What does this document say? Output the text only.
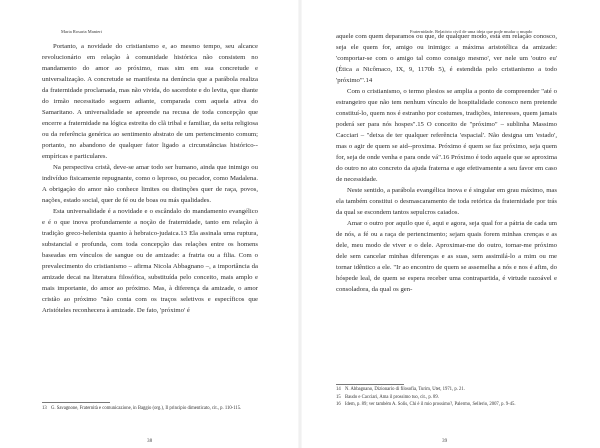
Maria Rosaria Manieri

Portanto, a novidade do cristianismo e, ao mesmo tempo, seu alcance revolucionário em relação à comunidade histórica não consistem no mandamento do amor ao próximo, mas sim em sua concretude e universalização. A concretude se manifesta na denúncia que a parábola realiza da fraternidade proclamada, mas não vivida, do sacerdote e do levita, que diante do irmão necessitado seguem adiante, comparada com aquela ativa do Samaritano. A universalidade se apreende na recusa de toda concepção que encerre a fraternidade na lógica estreita do clã tribal e familiar, da seita religiosa ou da referência genérica ao sentimento abstrato de um pertencimento comum; portanto, no abandono de qualquer fator ligado a circunstâncias histórico--empíricas e particulares.

Na perspectiva cristã, deve-se amar todo ser humano, ainda que inimigo ou indivíduo fisicamente repugnante, como o leproso, ou pecador, como Madalena. A obrigação do amor não conhece limites ou distinções quer de raça, povos, nações, estado social, quer de fé ou de boas ou más qualidades.

Esta universalidade é a novidade e o escândalo do mandamento evangélico e é o que inova profundamente a noção de fraternidade, tanto em relação à tradição greco-helenista quanto à hebraico-judaica.13 Ela assinala uma ruptura, substancial e profunda, com toda concepção das relações entre os homens baseadas em vínculos de sangue ou de amizade: a fratria ou a filia. Com o prevalecimento do cristianismo – afirma Nicola Abbagnano –, a importância da amizade decai na literatura filosófica, substituída pelo conceito, mais amplo e mais importante, do amor ao próximo. Mas, à diferença da amizade, o amor cristão ao próximo "não conta com os traços seletivos e específicos que Aristóteles reconhecera à amizade. De fato, 'próximo' é

13 G. Savagnone, Fraternità e comunicazione, in Baggio (org.), Il principio dimenticato, cit., p. 110-115.
38
Fraternidade. Relatório civil de uma ideia que pode mudar o mundo

aquele com quem deparamos ou que, de qualquer modo, está em relação conosco, seja ele quem for, amigo ou inimigo: a máxima aristotélica da amizade: 'comportar-se com o amigo tal como consigo mesmo', ver nele um 'outro eu' (Ética a Nicômaco, IX, 9, 1170b 5), é estendida pelo cristianismo a todo 'próximo'".14

Com o cristianismo, o termo plesios se amplia a ponto de compreender "até o estrangeiro que não tem nenhum vínculo de hospitalidade conosco nem pretende constituí-lo, quem nos é estranho por costumes, tradições, interesses, quem jamais poderá ser para nós hospes".15 O conceito de "próximo" – sublinha Massimo Cacciari – "deixa de ter qualquer referência 'espacial'. Não designa um 'estado', mas o agir de quem se aid--proxima. Próximo é quem se faz próximo, seja quem for, seja de onde venha e para onde vá".16 Próximo é todo aquele que se aproxima do outro no ato concreto da ajuda fraterna e age efetivamente a seu favor em caso de necessidade.

Neste sentido, a parábola evangélica inova e é singular em grau máximo, mas ela também constitui o desmascaramento de toda retórica da fraternidade por trás da qual se escondem tantos sepulcros caiados.

Amar o outro por aquilo que é, aqui e agora, seja qual for a pátria de cada um de nós, a fé ou a raça de pertencimento; sejam quais forem minhas crenças e as dele, meu modo de viver e o dele. Aproximar-me do outro, tornar-me próximo dele sem cancelar minhas diferenças e as suas, sem assimilá-lo a mim ou me tornar idêntico a ele. "Ir ao encontro de quem se assemelha a nós e nos é afim, do hóspede leal, de quem se espera receber uma contrapartida, é virtude razoável e consoladora, da qual os gen-

14 N. Abbagnano, Dizionario di filosofia, Turim, Utet, 1971, p. 21.
15 Baudo e Cacciari, Ama il prossimo tuo, cit., p. 89.
16 Idem, p. 89; ver também A. Solìs, Chi è il mio prossimo?, Palermo, Sellerio, 2007, p. 9-45.
39
